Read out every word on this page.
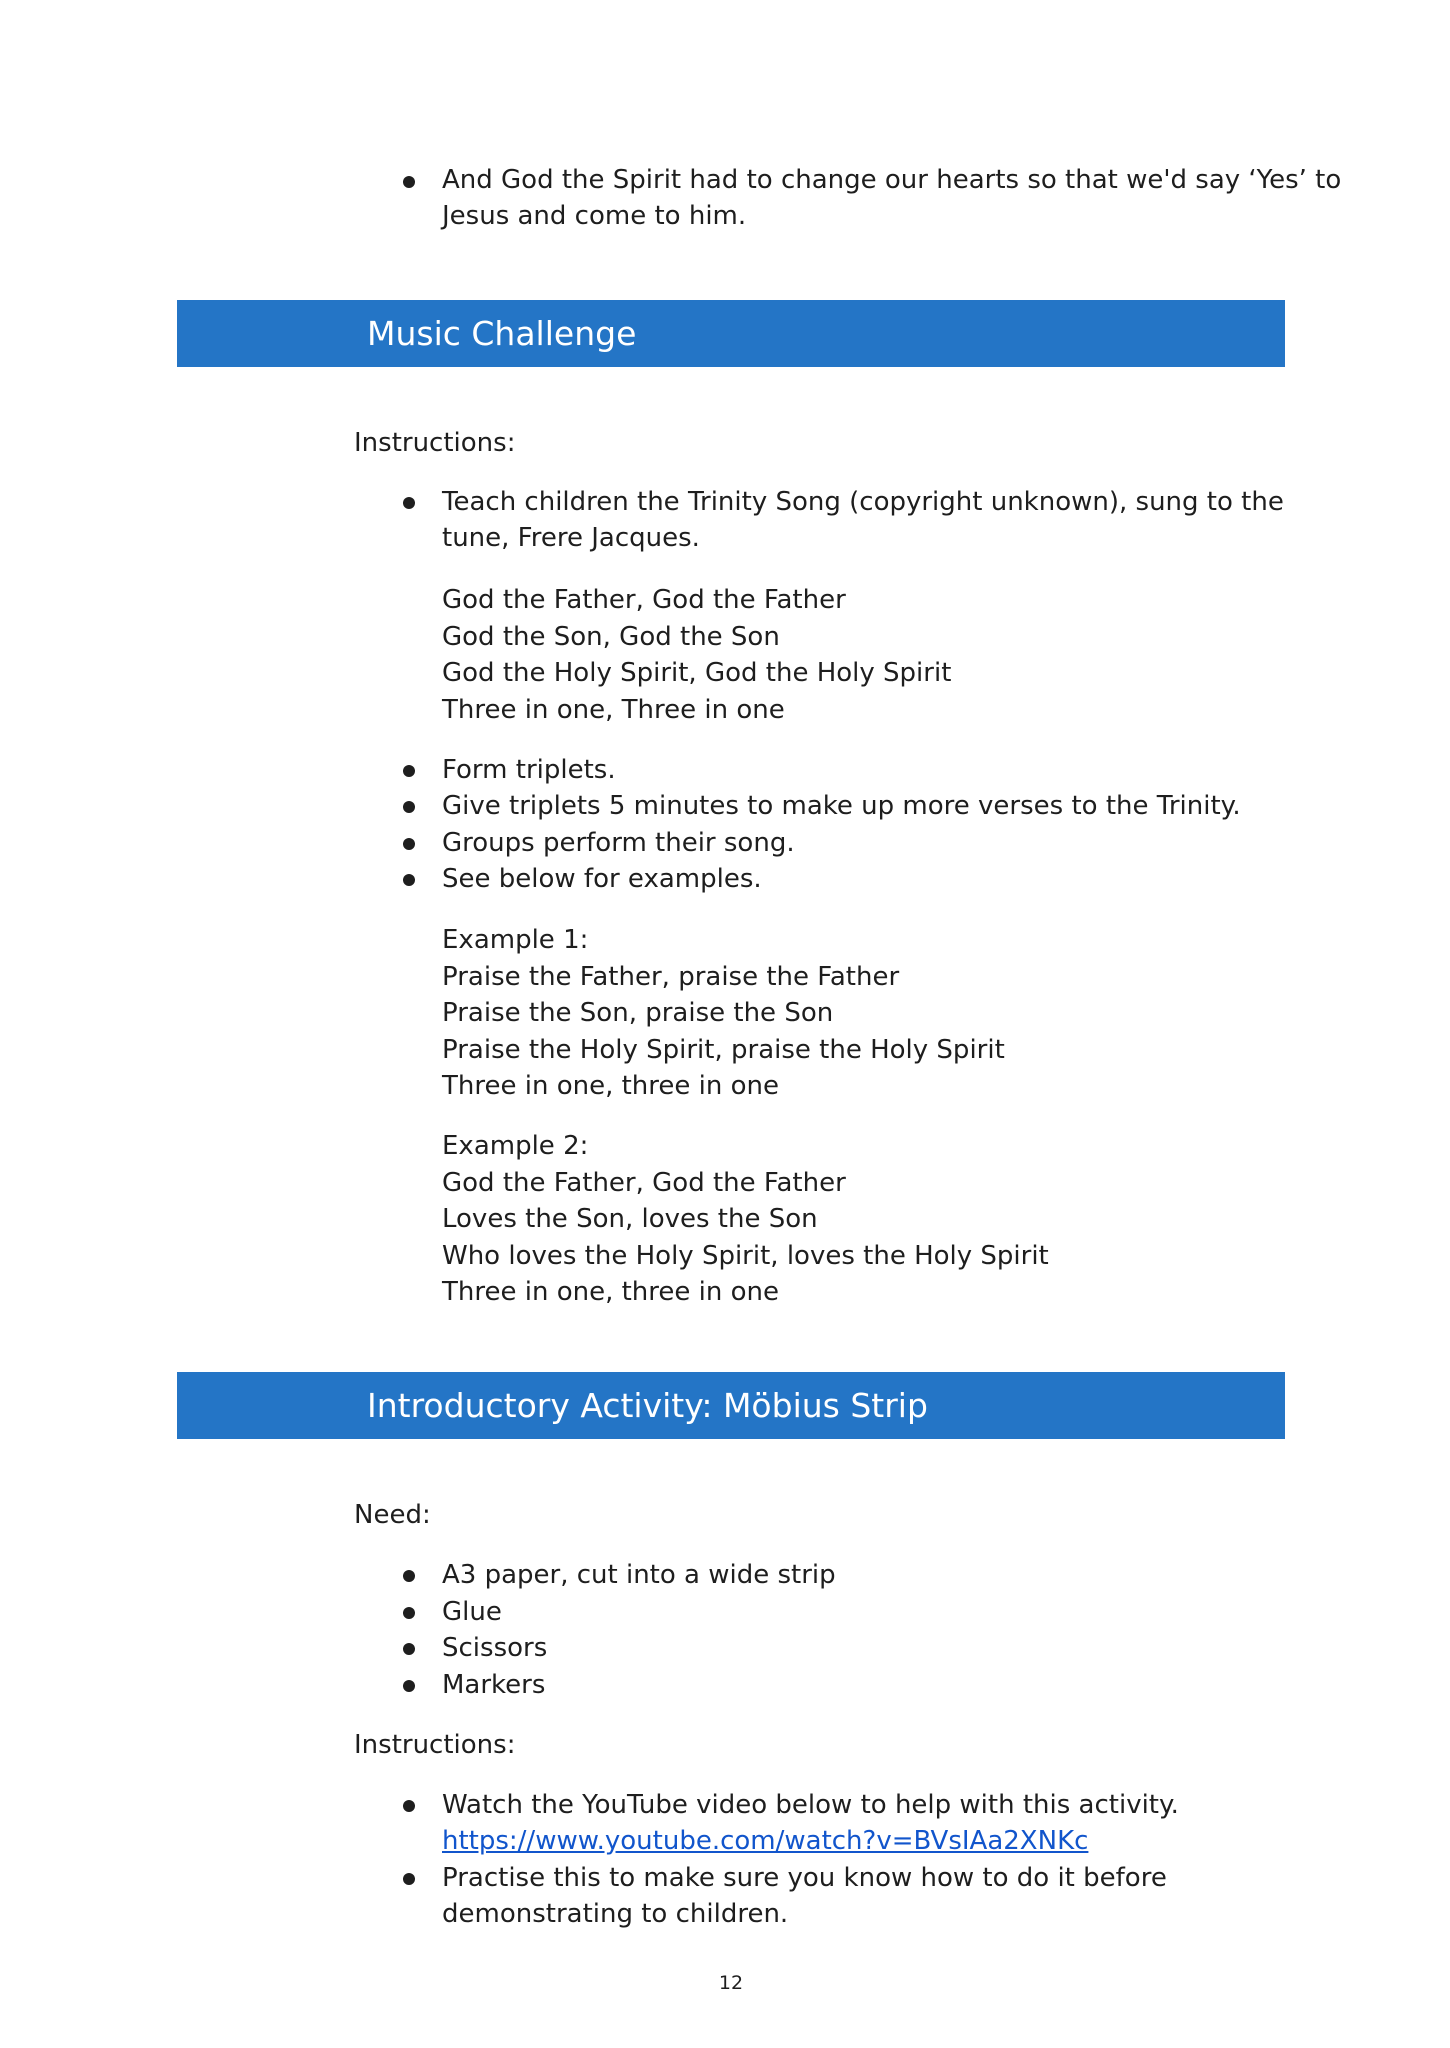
And God the Spirit had to change our hearts so that we'd say ‘Yes’ to
Jesus and come to him.
Music Challenge
Instructions:
Teach children the Trinity Song (copyright unknown), sung to the
tune, Frere Jacques.
God the Father, God the Father
God the Son, God the Son
God the Holy Spirit, God the Holy Spirit
Three in one, Three in one
Form triplets.
Give triplets 5 minutes to make up more verses to the Trinity.
Groups perform their song.
See below for examples.
Example 1:
Praise the Father, praise the Father
Praise the Son, praise the Son
Praise the Holy Spirit, praise the Holy Spirit
Three in one, three in one
Example 2:
God the Father, God the Father
Loves the Son, loves the Son
Who loves the Holy Spirit, loves the Holy Spirit
Three in one, three in one
Introductory Activity: Möbius Strip
Need:
A3 paper, cut into a wide strip
Glue
Scissors
Markers
Instructions:
Watch the YouTube video below to help with this activity.
https://www.youtube.com/watch?v=BVsIAa2XNKc
Practise this to make sure you know how to do it before
demonstrating to children.
12
